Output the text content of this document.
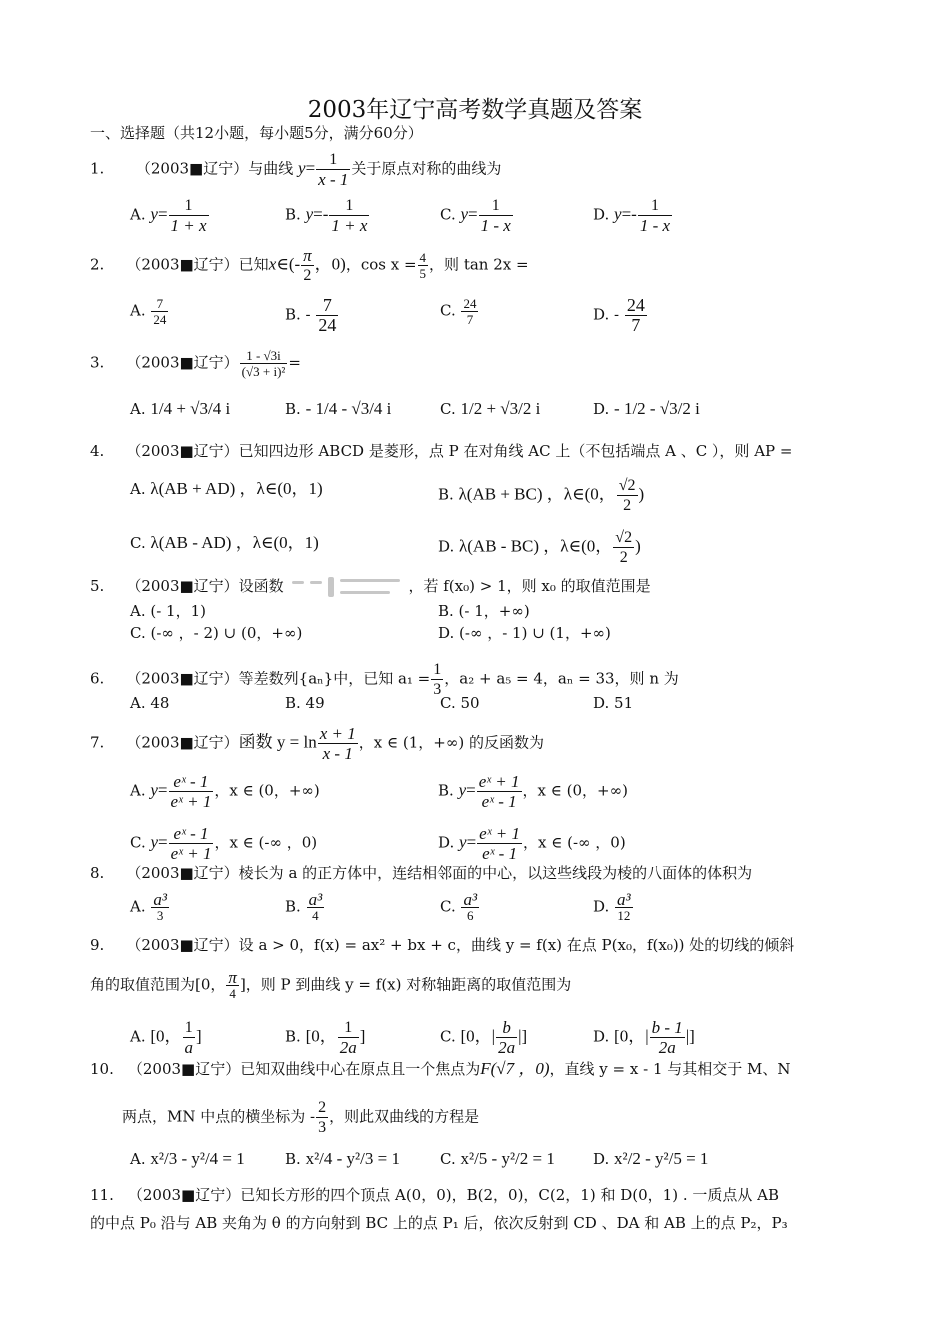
2003年辽宁高考数学真题及答案
一、选择题（共12小题，每小题5分，满分60分）
1. （2003■辽宁）与曲线 $y= \frac{1}{x - 1}$ 关于原点对称的曲线为
A. $y= \frac{1}{1 + x}$	B. $y=- \frac{1}{1 + x}$	C. $y= \frac{1}{1 - x}$	D. $y=- \frac{1}{1 - x}$
2. （2003■辽宁）已知x∈(- $\frac{\pi}{2}$ ，0)，$\cos x = \frac{4}{5}$ ，则 tan 2x =
A. $\frac{7}{24}$	B. - $\frac{7}{24}$	C. $\frac{24}{7}$	D. - $\frac{24}{7}$
3. （2003■辽宁） $\frac{1 - √3i}{\text{(√3 + i)²}}$ =
A. 1/4 + √3/4 i	B. - 1/4 - √3/4 i	C. 1/2 + √3/2 i	D. - 1/2 - √3/2 i
4. （2003■辽宁）已知四边形 ABCD 是菱形，点 P 在对角线 AC 上（不包括端点 A 、C ），则 AP =
A. λ(AB + AD) ，λ∈(0，1)	B. λ(AB + BC) ，λ∈(0， $\frac{√2}{2}$ )
C. λ(AB - AD) ，λ∈(0，1)	D. λ(AB - BC) ，λ∈(0， $\frac{√2}{2}$ )
5. （2003■辽宁）设函数	，若 f(x₀) > 1，则 x₀ 的取值范围是
A. (- 1，1)	B. (- 1，+∞)
C. (-∞ ，- 2) ∪ (0，+∞)	D. (-∞ ，- 1) ∪ (1，+∞)
6. （2003■辽宁）等差数列{aₙ}中，已知 $a_1 = \frac{1}{3}$ ，a₂ + a₅ = 4，aₙ = 33，则 n 为
A. 48	B. 49	C. 50	D. 51
7. （2003■辽宁）函数 $y = \ln \frac{x + 1}{x - 1}$ ，x ∈ (1，+∞) 的反函数为
A. $y= \frac{\text{eˣ - 1}}{\text{eˣ + 1}}$ ，x ∈ (0，+∞)	B. $y= \frac{\text{eˣ + 1}}{\text{eˣ - 1}}$ ，x ∈ (0，+∞)
C. $y= \frac{\text{eˣ - 1}}{\text{eˣ + 1}}$ ，x ∈ (-∞ ，0)	D. $y= \frac{\text{eˣ + 1}}{\text{eˣ - 1}}$ ，x ∈ (-∞ ，0)
8. （2003■辽宁）棱长为 a 的正方体中，连结相邻面的中心，以这些线段为棱的八面体的体积为
A. $\frac{\text{a³}}{3}$	B. $\frac{\text{a³}}{4}$	C. $\frac{\text{a³}}{6}$	D. $\frac{\text{a³}}{12}$
9. （2003■辽宁）设 a > 0，f(x) = ax² + bx + c，曲线 y = f(x) 在点 P(x₀，f(x₀)) 处的切线的倾斜
角的取值范围为[0， $\frac{\pi}{4}$ ]，则 P 到曲线 y = f(x) 对称轴距离的取值范围为
A. [0， $\frac{1}{a}$ ]	B. [0， $\frac{1}{2a}$ ]	C. [0，| $\frac{b}{2a}$ |]	D. [0，| $\frac{b - 1}{2a}$ |]
10. （2003■辽宁）已知双曲线中心在原点且一个焦点为F(√7 ，0)，直线 y = x - 1 与其相交于 M、N
两点，MN 中点的横坐标为 - $\frac{2}{3}$ ，则此双曲线的方程是
A. x²/3 - y²/4 = 1	B. x²/4 - y²/3 = 1	C. x²/5 - y²/2 = 1	D. x²/2 - y²/5 = 1
11. （2003■辽宁）已知长方形的四个顶点 A(0，0)，B(2，0)，C(2，1) 和 D(0，1) . 一质点从 AB
的中点 P₀ 沿与 AB 夹角为 θ 的方向射到 BC 上的点 P₁ 后，依次反射到 CD 、DA 和 AB 上的点 P₂，P₃
